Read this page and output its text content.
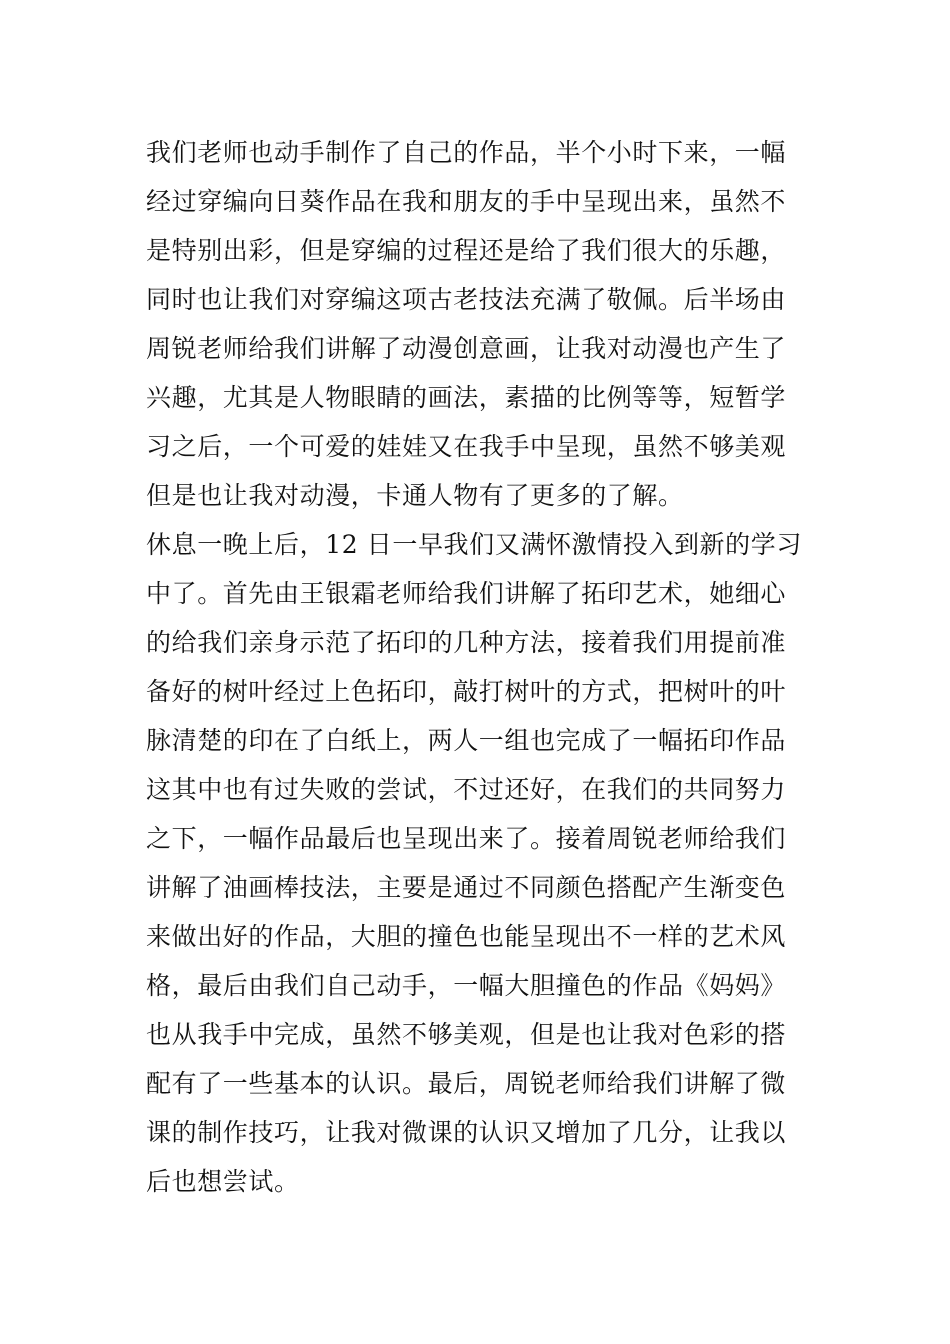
我们老师也动手制作了自己的作品，半个小时下来，一幅
经过穿编向日葵作品在我和朋友的手中呈现出来，虽然不
是特别出彩，但是穿编的过程还是给了我们很大的乐趣，
同时也让我们对穿编这项古老技法充满了敬佩。后半场由
周锐老师给我们讲解了动漫创意画，让我对动漫也产生了
兴趣，尤其是人物眼睛的画法，素描的比例等等，短暂学
习之后，一个可爱的娃娃又在我手中呈现，虽然不够美观
但是也让我对动漫，卡通人物有了更多的了解。
休息一晚上后，12 日一早我们又满怀激情投入到新的学习
中了。首先由王银霜老师给我们讲解了拓印艺术，她细心
的给我们亲身示范了拓印的几种方法，接着我们用提前准
备好的树叶经过上色拓印，敲打树叶的方式，把树叶的叶
脉清楚的印在了白纸上，两人一组也完成了一幅拓印作品
这其中也有过失败的尝试，不过还好，在我们的共同努力
之下，一幅作品最后也呈现出来了。接着周锐老师给我们
讲解了油画棒技法，主要是通过不同颜色搭配产生渐变色
来做出好的作品，大胆的撞色也能呈现出不一样的艺术风
格，最后由我们自己动手，一幅大胆撞色的作品《妈妈》
也从我手中完成，虽然不够美观，但是也让我对色彩的搭
配有了一些基本的认识。最后，周锐老师给我们讲解了微
课的制作技巧，让我对微课的认识又增加了几分，让我以
后也想尝试。
